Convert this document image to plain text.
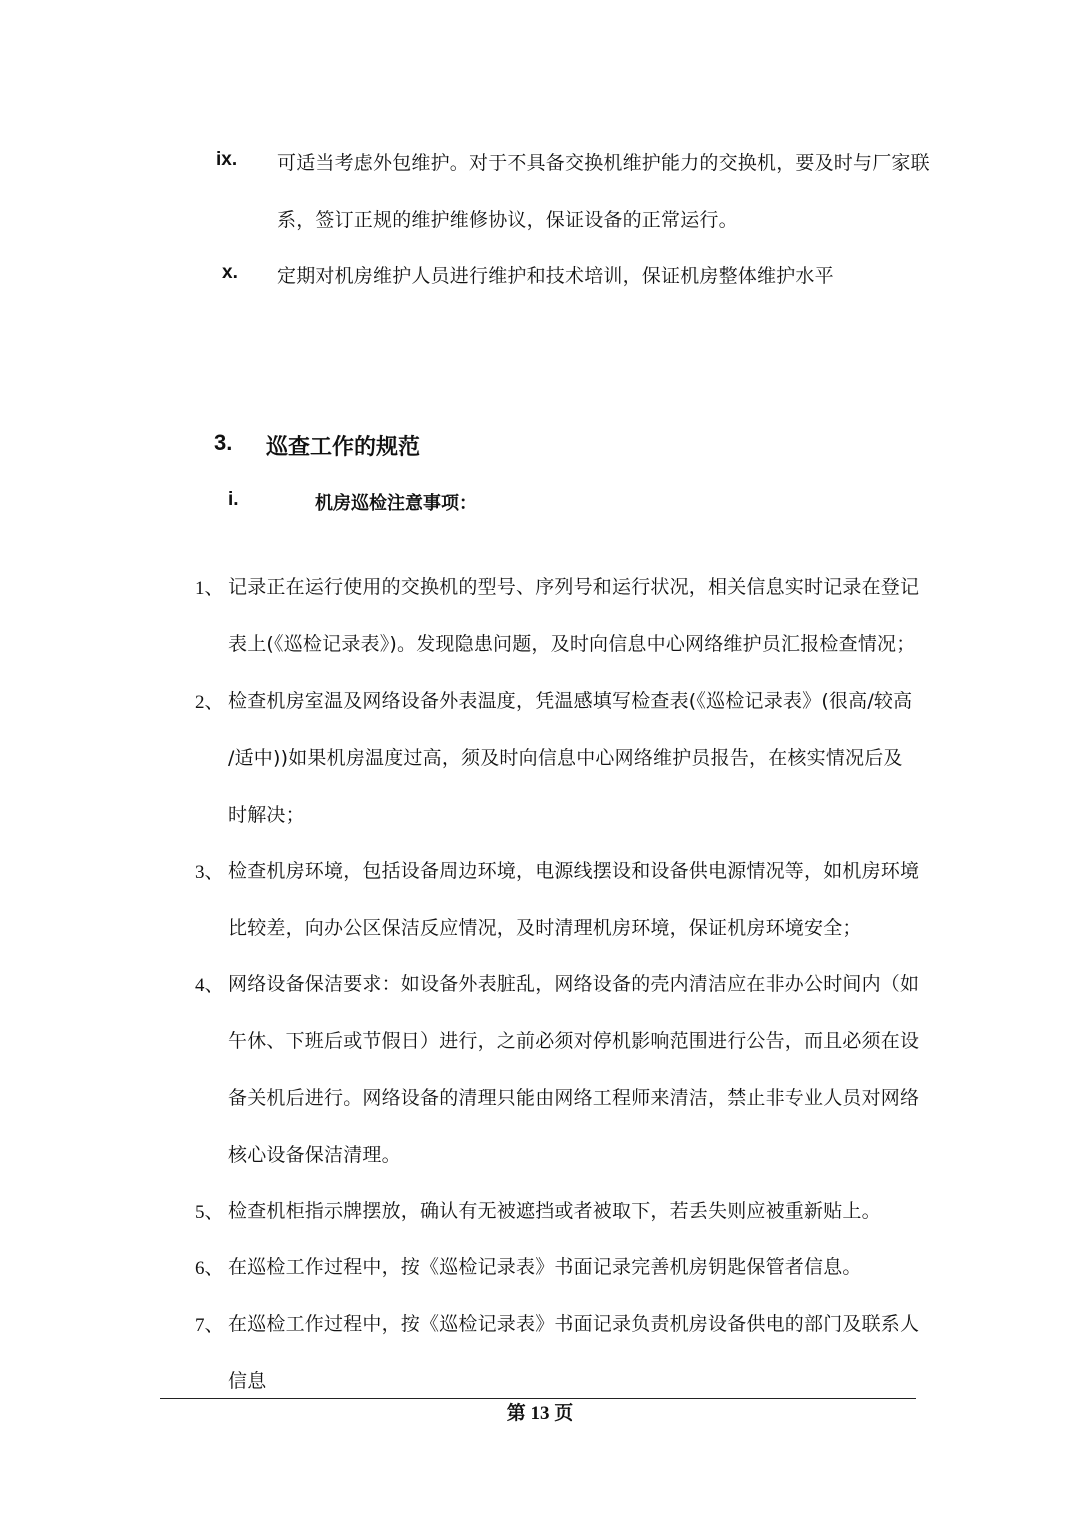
ix. 可适当考虑外包维护。对于不具备交换机维护能力的交换机，要及时与厂家联
系，签订正规的维护维修协议，保证设备的正常运行。
x. 定期对机房维护人员进行维护和技术培训，保证机房整体维护水平
3. 巡查工作的规范
i.	机房巡检注意事项：
1、 记录正在运行使用的交换机的型号、序列号和运行状况，相关信息实时记录在登记
表上(《巡检记录表》)。发现隐患问题，及时向信息中心网络维护员汇报检查情况；
2、 检查机房室温及网络设备外表温度，凭温感填写检查表(《巡检记录表》(很高/较高
/适中))如果机房温度过高，须及时向信息中心网络维护员报告，在核实情况后及
时解决；
3、 检查机房环境，包括设备周边环境，电源线摆设和设备供电源情况等，如机房环境
比较差，向办公区保洁反应情况，及时清理机房环境，保证机房环境安全；
4、 网络设备保洁要求：如设备外表脏乱，网络设备的壳内清洁应在非办公时间内（如
午休、下班后或节假日）进行，之前必须对停机影响范围进行公告，而且必须在设
备关机后进行。网络设备的清理只能由网络工程师来清洁，禁止非专业人员对网络
核心设备保洁清理。
5、 检查机柜指示牌摆放，确认有无被遮挡或者被取下，若丢失则应被重新贴上。
6、 在巡检工作过程中，按《巡检记录表》书面记录完善机房钥匙保管者信息。
7、 在巡检工作过程中，按《巡检记录表》书面记录负责机房设备供电的部门及联系人
信息
第 13 页
